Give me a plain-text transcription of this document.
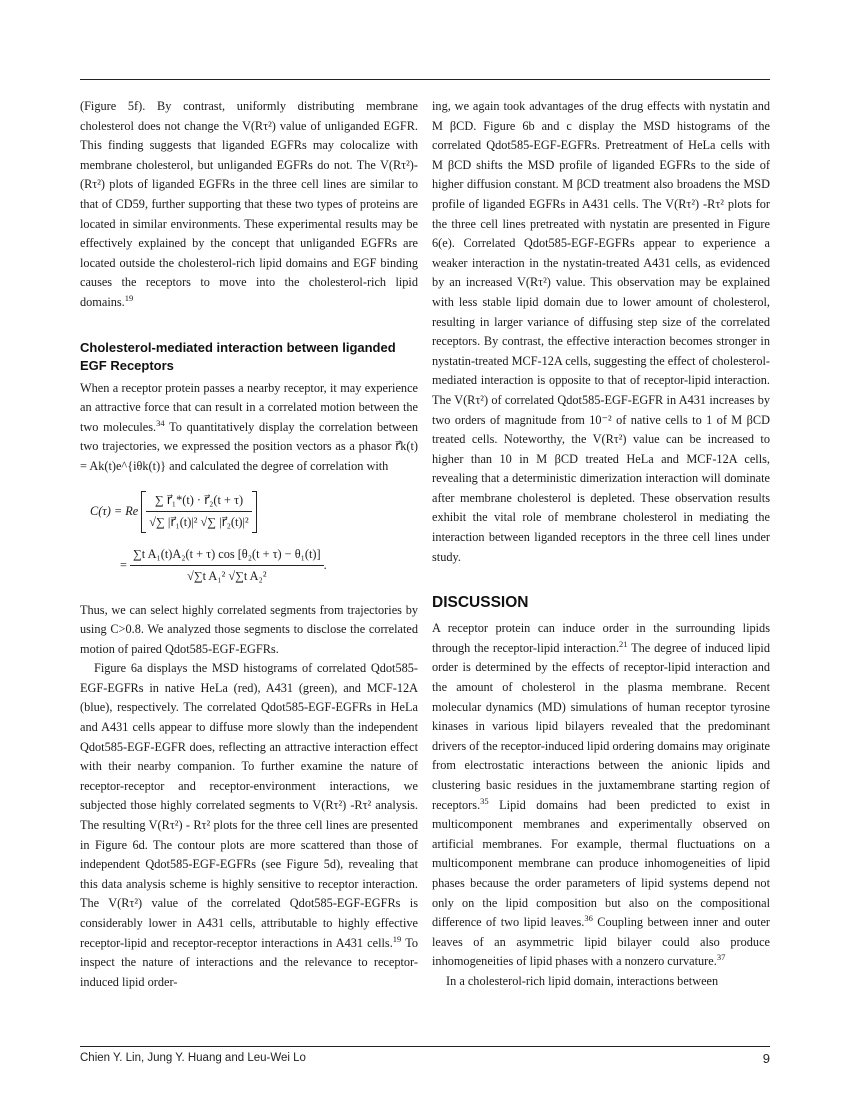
(Figure 5f). By contrast, uniformly distributing membrane cholesterol does not change the V(Rτ²) value of unliganded EGFR. This finding suggests that liganded EGFRs may colocalize with membrane cholesterol, but unliganded EGFRs do not. The V(Rτ²)- (Rτ²) plots of liganded EGFRs in the three cell lines are similar to that of CD59, further supporting that these two types of proteins are located in similar environments. These experimental results may be effectively explained by the concept that unliganded EGFRs are located outside the cholesterol-rich lipid domains and EGF binding causes the receptors to move into the cholesterol-rich lipid domains.$^{19}$

Cholesterol-mediated interaction between liganded EGF Receptors

When a receptor protein passes a nearby receptor, it may experience an attractive force that can result in a correlated motion between the two molecules.$^{34}$ To quantitatively display the correlation between two trajectories, we expressed the position vectors as a phasor r⃗k(t) = Ak(t)e^{iθk(t)} and calculated the degree of correlation with

C(τ) = Re $\frac{\text{∑ r⃗₁*(t) · r⃗₂(t + τ)}}{\text{√∑ |r⃗₁(t)|² √∑ |r⃗₂(t)|²}}$
= $\frac{\text{∑t A₁(t)A₂(t + τ) cos [θ₂(t + τ) − θ₁(t)]}}{\text{√∑t A₁² √∑t A₂²}}$ .

Thus, we can select highly correlated segments from trajectories by using C>0.8. We analyzed those segments to disclose the correlated motion of paired Qdot585-EGF-EGFRs.

Figure 6a displays the MSD histograms of correlated Qdot585-EGF-EGFRs in native HeLa (red), A431 (green), and MCF-12A (blue), respectively. The correlated Qdot585-EGF-EGFRs in HeLa and A431 cells appear to diffuse more slowly than the independent Qdot585-EGF-EGFR does, reflecting an attractive interaction effect with their nearby companion. To further examine the nature of receptor-receptor and receptor-environment interactions, we subjected those highly correlated segments to V(Rτ²) -Rτ² analysis. The resulting V(Rτ²) - Rτ² plots for the three cell lines are presented in Figure 6d. The contour plots are more scattered than those of independent Qdot585-EGF-EGFRs (see Figure 5d), revealing that this data analysis scheme is highly sensitive to receptor interaction. The V(Rτ²) value of the correlated Qdot585-EGF-EGFRs is considerably lower in A431 cells, attributable to highly effective receptor-lipid and receptor-receptor interactions in A431 cells.$^{19}$ To inspect the nature of interactions and the relevance to receptor-induced lipid order-

ing, we again took advantages of the drug effects with nystatin and M βCD. Figure 6b and c display the MSD histograms of the correlated Qdot585-EGF-EGFRs. Pretreatment of HeLa cells with M βCD shifts the MSD profile of liganded EGFRs to the side of higher diffusion constant. M βCD treatment also broadens the MSD profile of liganded EGFRs in A431 cells. The V(Rτ²) -Rτ² plots for the three cell lines pretreated with nystatin are presented in Figure 6(e). Correlated Qdot585-EGF-EGFRs appear to experience a weaker interaction in the nystatin-treated A431 cells, as evidenced by an increased V(Rτ²) value. This observation may be explained with less stable lipid domain due to lower amount of cholesterol, resulting in larger variance of diffusing step size of the correlated receptors. By contrast, the effective interaction becomes stronger in nystatin-treated MCF-12A cells, suggesting the effect of cholesterol-mediated interaction is opposite to that of receptor-lipid interaction. The V(Rτ²) of correlated Qdot585-EGF-EGFR in A431 increases by two orders of magnitude from 10⁻² of native cells to 1 of M βCD treated cells. Noteworthy, the V(Rτ²) value can be increased to higher than 10 in M βCD treated HeLa and MCF-12A cells, revealing that a deterministic dimerization interaction will dominate after membrane cholesterol is depleted. These observation results exhibit the vital role of membrane cholesterol in mediating the interaction between liganded receptors in the three cell lines under study.

DISCUSSION

A receptor protein can induce order in the surrounding lipids through the receptor-lipid interaction.$^{21}$ The degree of induced lipid order is determined by the effects of receptor-lipid interaction and the amount of cholesterol in the plasma membrane. Recent molecular dynamics (MD) simulations of human receptor tyrosine kinases in various lipid bilayers revealed that the predominant drivers of the receptor-induced lipid ordering domains may originate from electrostatic interactions between the anionic lipids and clustering basic residues in the juxtamembrane starting region of receptors.$^{35}$ Lipid domains had been predicted to exist in multicomponent membranes and experimentally observed on artificial membranes. For example, thermal fluctuations on a multicomponent membrane can produce inhomogeneities of lipid phases because the order parameters of lipid systems depend not only on the lipid composition but also on the compositional difference of two lipid leaves.$^{36}$ Coupling between inner and outer leaves of an asymmetric lipid bilayer could also produce inhomogeneities of lipid phases with a nonzero curvature.$^{37}$

In a cholesterol-rich lipid domain, interactions between

Chien Y. Lin, Jung Y. Huang and Leu-Wei Lo	9
